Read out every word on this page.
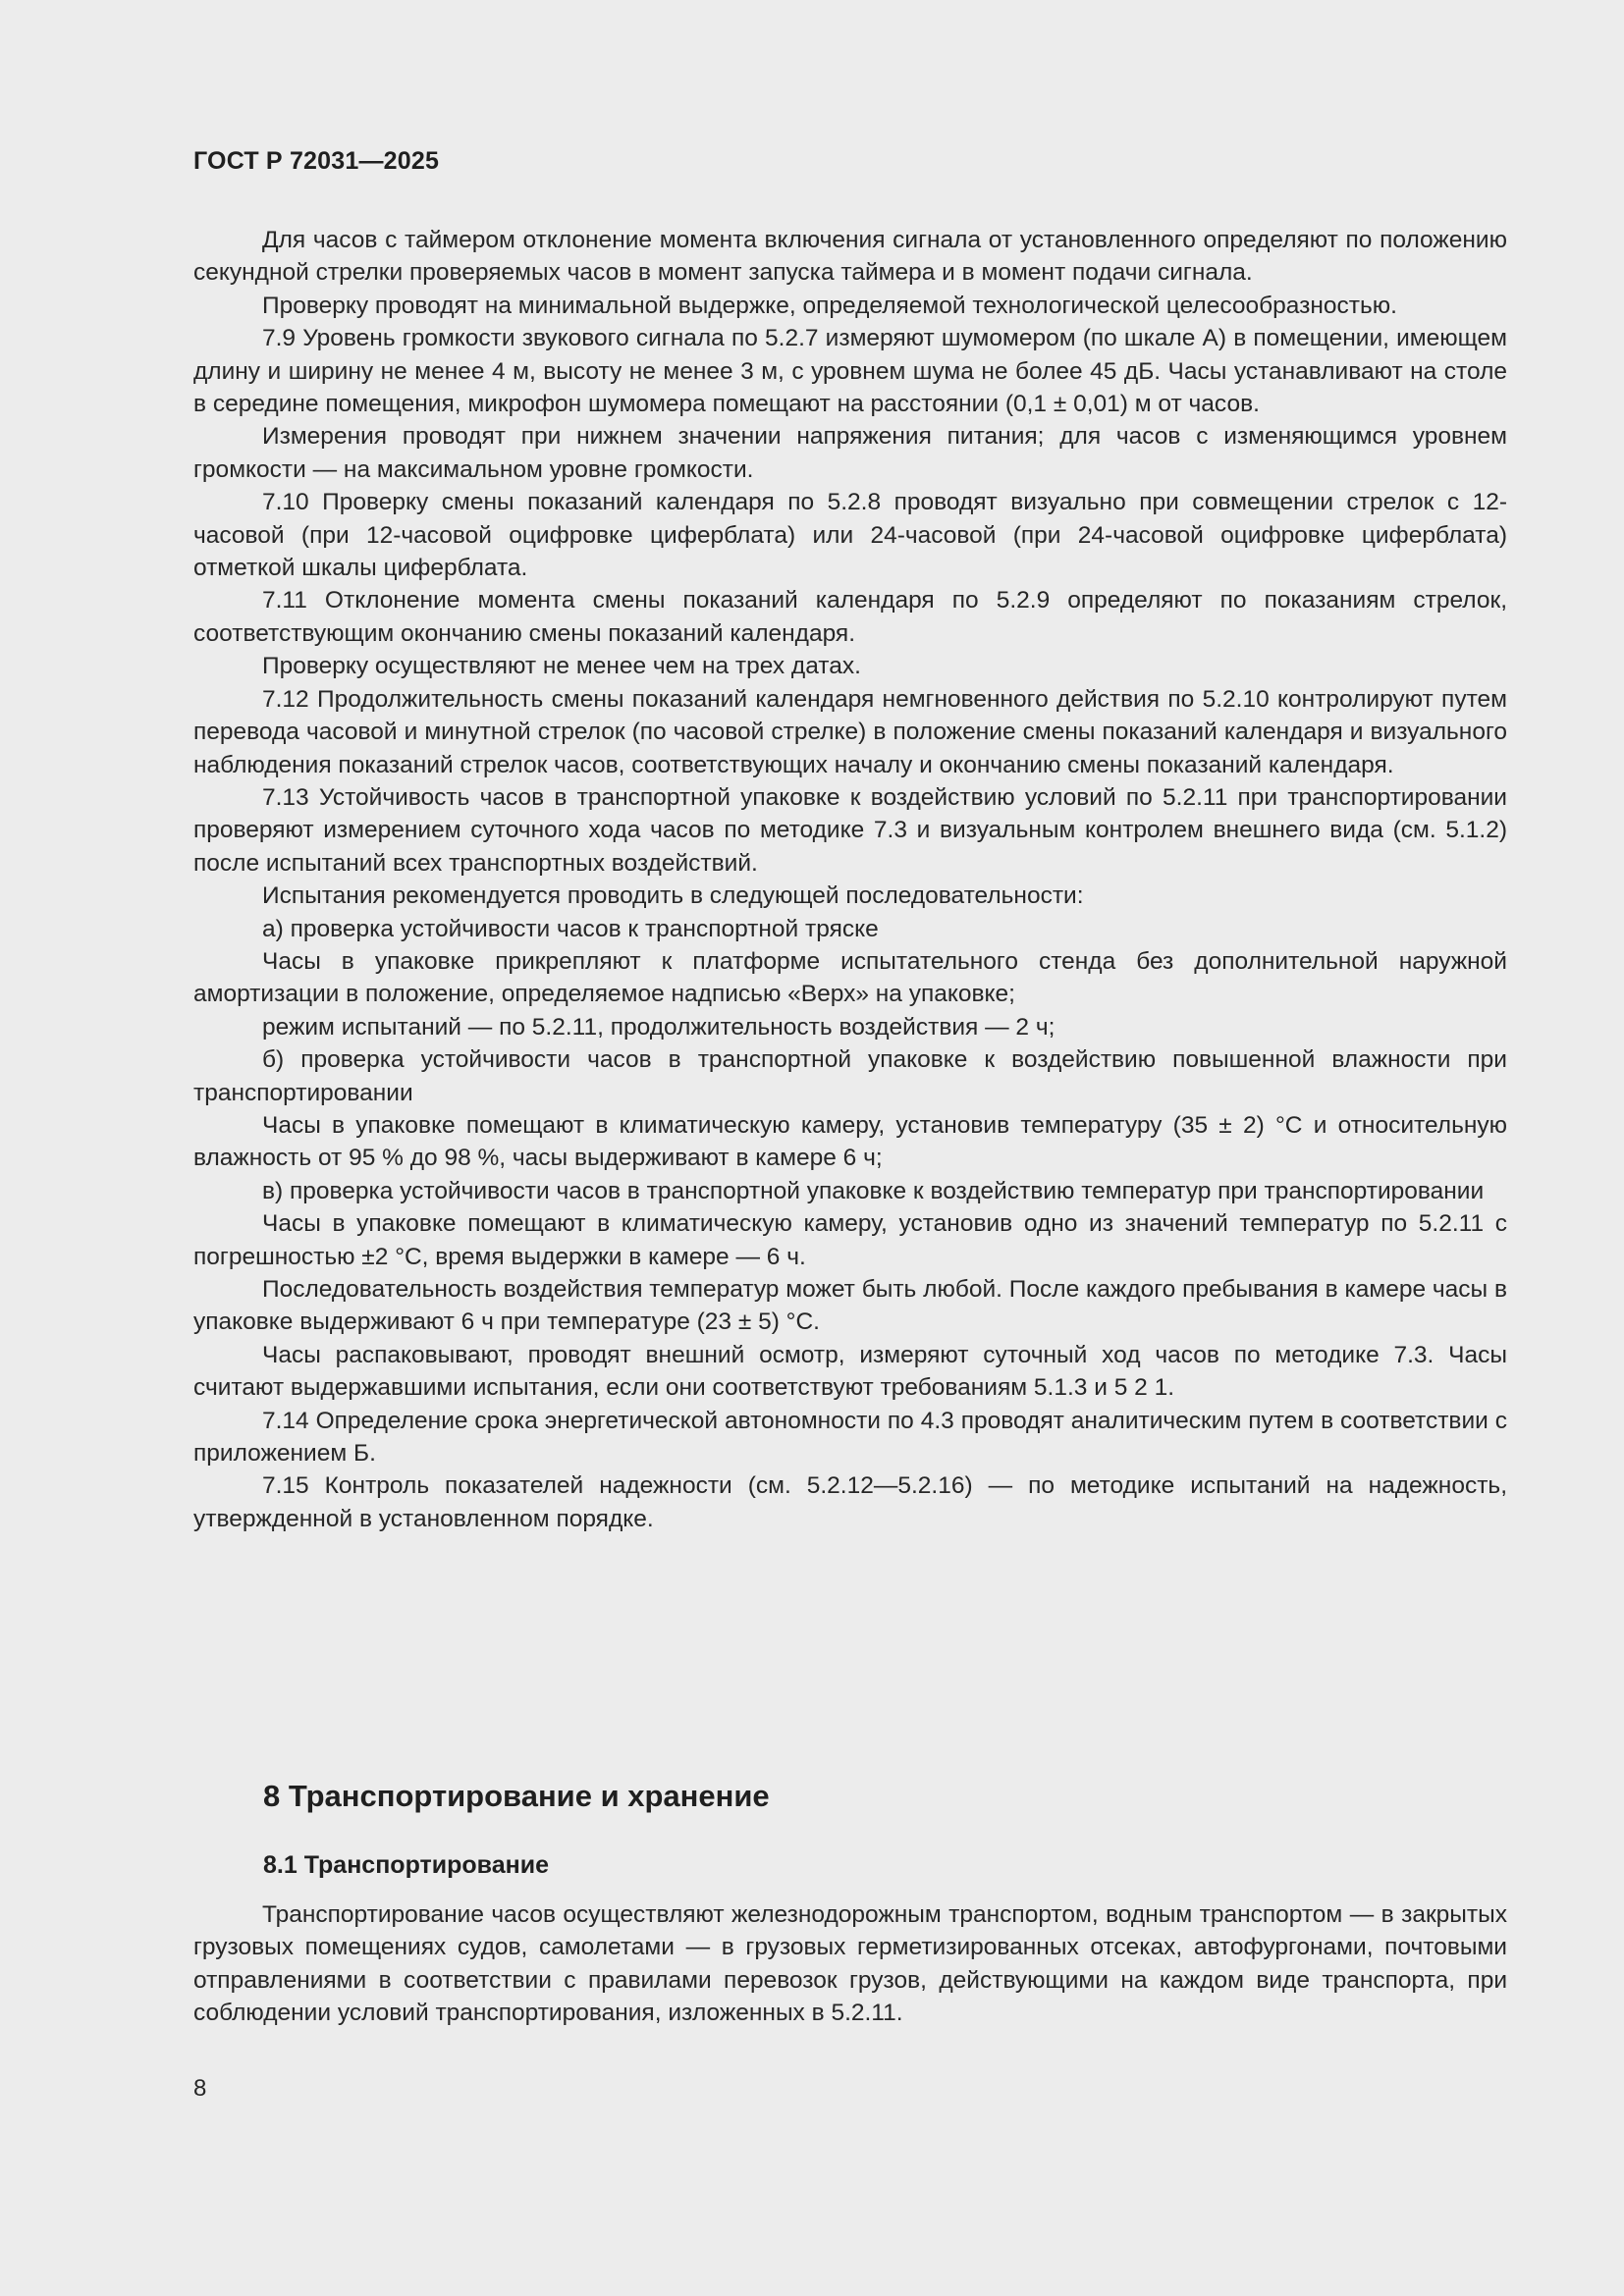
ГОСТ Р 72031—2025

Для часов с таймером отклонение момента включения сигнала от установленного определяют по положению секундной стрелки проверяемых часов в момент запуска таймера и в момент подачи сигнала.

Проверку проводят на минимальной выдержке, определяемой технологической целесообразностью.

7.9 Уровень громкости звукового сигнала по 5.2.7 измеряют шумомером (по шкале А) в помещении, имеющем длину и ширину не менее 4 м, высоту не менее 3 м, с уровнем шума не более 45 дБ. Часы устанавливают на столе в середине помещения, микрофон шумомера помещают на расстоянии (0,1 ± 0,01) м от часов.

Измерения проводят при нижнем значении напряжения питания; для часов с изменяющимся уровнем громкости — на максимальном уровне громкости.

7.10 Проверку смены показаний календаря по 5.2.8 проводят визуально при совмещении стрелок с 12-часовой (при 12-часовой оцифровке циферблата) или 24-часовой (при 24-часовой оцифровке циферблата) отметкой шкалы циферблата.

7.11 Отклонение момента смены показаний календаря по 5.2.9 определяют по показаниям стрелок, соответствующим окончанию смены показаний календаря.

Проверку осуществляют не менее чем на трех датах.

7.12 Продолжительность смены показаний календаря немгновенного действия по 5.2.10 контролируют путем перевода часовой и минутной стрелок (по часовой стрелке) в положение смены показаний календаря и визуального наблюдения показаний стрелок часов, соответствующих началу и окончанию смены показаний календаря.

7.13 Устойчивость часов в транспортной упаковке к воздействию условий по 5.2.11 при транспортировании проверяют измерением суточного хода часов по методике 7.3 и визуальным контролем внешнего вида (см. 5.1.2) после испытаний всех транспортных воздействий.

Испытания рекомендуется проводить в следующей последовательности:

а) проверка устойчивости часов к транспортной тряске

Часы в упаковке прикрепляют к платформе испытательного стенда без дополнительной наружной амортизации в положение, определяемое надписью «Верх» на упаковке;

режим испытаний — по 5.2.11, продолжительность воздействия — 2 ч;

б) проверка устойчивости часов в транспортной упаковке к воздействию повышенной влажности при транспортировании

Часы в упаковке помещают в климатическую камеру, установив температуру (35 ± 2) °С и относительную влажность от 95 % до 98 %, часы выдерживают в камере 6 ч;

в) проверка устойчивости часов в транспортной упаковке к воздействию температур при транспортировании

Часы в упаковке помещают в климатическую камеру, установив одно из значений температур по 5.2.11 с погрешностью ±2 °С, время выдержки в камере — 6 ч.

Последовательность воздействия температур может быть любой. После каждого пребывания в камере часы в упаковке выдерживают 6 ч при температуре (23 ± 5) °С.

Часы распаковывают, проводят внешний осмотр, измеряют суточный ход часов по методике 7.3. Часы считают выдержавшими испытания, если они соответствуют требованиям 5.1.3 и 5 2 1.

7.14 Определение срока энергетической автономности по 4.3 проводят аналитическим путем в соответствии с приложением Б.

7.15 Контроль показателей надежности (см. 5.2.12—5.2.16) — по методике испытаний на надежность, утвержденной в установленном порядке.

8 Транспортирование и хранение
8.1 Транспортирование

Транспортирование часов осуществляют железнодорожным транспортом, водным транспортом — в закрытых грузовых помещениях судов, самолетами — в грузовых герметизированных отсеках, автофургонами, почтовыми отправлениями в соответствии с правилами перевозок грузов, действующими на каждом виде транспорта, при соблюдении условий транспортирования, изложенных в 5.2.11.

8
